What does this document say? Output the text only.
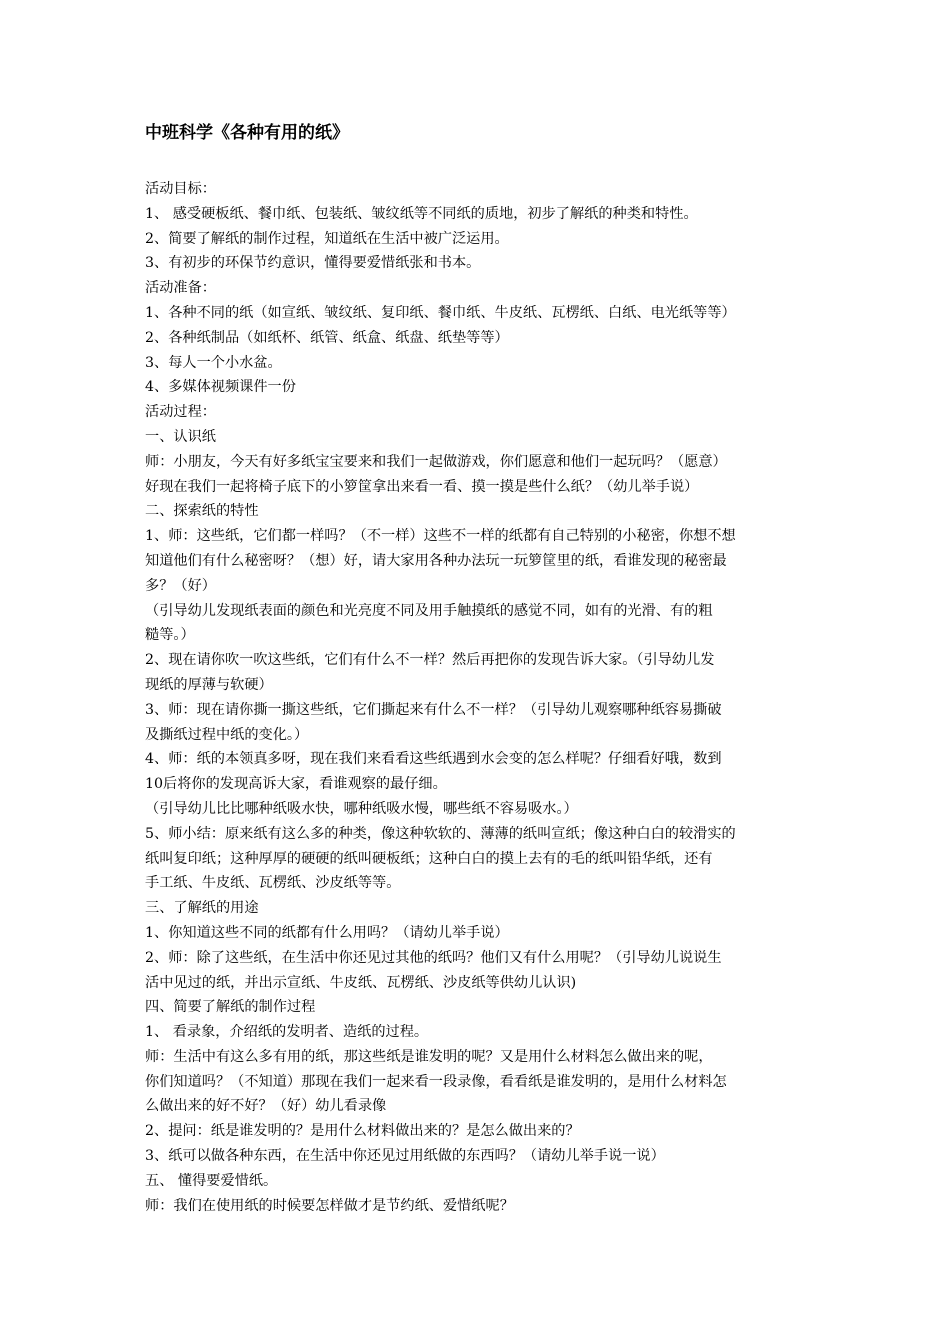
中班科学《各种有用的纸》
活动目标：
1、 感受硬板纸、餐巾纸、包装纸、皱纹纸等不同纸的质地，初步了解纸的种类和特性。
2、简要了解纸的制作过程，知道纸在生活中被广泛运用。
3、有初步的环保节约意识，懂得要爱惜纸张和书本。
活动准备：
1、各种不同的纸（如宣纸、皱纹纸、复印纸、餐巾纸、牛皮纸、瓦楞纸、白纸、电光纸等等）
2、各种纸制品（如纸杯、纸管、纸盒、纸盘、纸垫等等）
3、每人一个小水盆。
4、多媒体视频课件一份
活动过程：
一、认识纸
师：小朋友，今天有好多纸宝宝要来和我们一起做游戏，你们愿意和他们一起玩吗？（愿意）
好现在我们一起将椅子底下的小箩筐拿出来看一看、摸一摸是些什么纸？（幼儿举手说）
二、探索纸的特性
1、师：这些纸，它们都一样吗？（不一样）这些不一样的纸都有自己特别的小秘密，你想不想
知道他们有什么秘密呀？（想）好，请大家用各种办法玩一玩箩筐里的纸，看谁发现的秘密最
多？（好）
（引导幼儿发现纸表面的颜色和光亮度不同及用手触摸纸的感觉不同，如有的光滑、有的粗
糙等。）
2、现在请你吹一吹这些纸，它们有什么不一样？然后再把你的发现告诉大家。（引导幼儿发
现纸的厚薄与软硬）
3、师：现在请你撕一撕这些纸，它们撕起来有什么不一样？（引导幼儿观察哪种纸容易撕破
及撕纸过程中纸的变化。）
4、师：纸的本领真多呀，现在我们来看看这些纸遇到水会变的怎么样呢？仔细看好哦，数到
10后将你的发现高诉大家，看谁观察的最仔细。
（引导幼儿比比哪种纸吸水快，哪种纸吸水慢，哪些纸不容易吸水。）
5、师小结：原来纸有这么多的种类，像这种软软的、薄薄的纸叫宣纸；像这种白白的较滑实的
纸叫复印纸；这种厚厚的硬硬的纸叫硬板纸；这种白白的摸上去有的毛的纸叫铅华纸，还有
手工纸、牛皮纸、瓦楞纸、沙皮纸等等。
三、了解纸的用途
1、你知道这些不同的纸都有什么用吗？（请幼儿举手说）
2、师：除了这些纸，在生活中你还见过其他的纸吗？他们又有什么用呢？（引导幼儿说说生
活中见过的纸，并出示宣纸、牛皮纸、瓦楞纸、沙皮纸等供幼儿认识)
四、简要了解纸的制作过程
1、 看录象，介绍纸的发明者、造纸的过程。
师：生活中有这么多有用的纸，那这些纸是谁发明的呢？又是用什么材料怎么做出来的呢，
你们知道吗？（不知道）那现在我们一起来看一段录像，看看纸是谁发明的，是用什么材料怎
么做出来的好不好？（好）幼儿看录像
2、提问：纸是谁发明的？是用什么材料做出来的？是怎么做出来的？
3、纸可以做各种东西，在生活中你还见过用纸做的东西吗？（请幼儿举手说一说）
五、 懂得要爱惜纸。
师：我们在使用纸的时候要怎样做才是节约纸、爱惜纸呢？
